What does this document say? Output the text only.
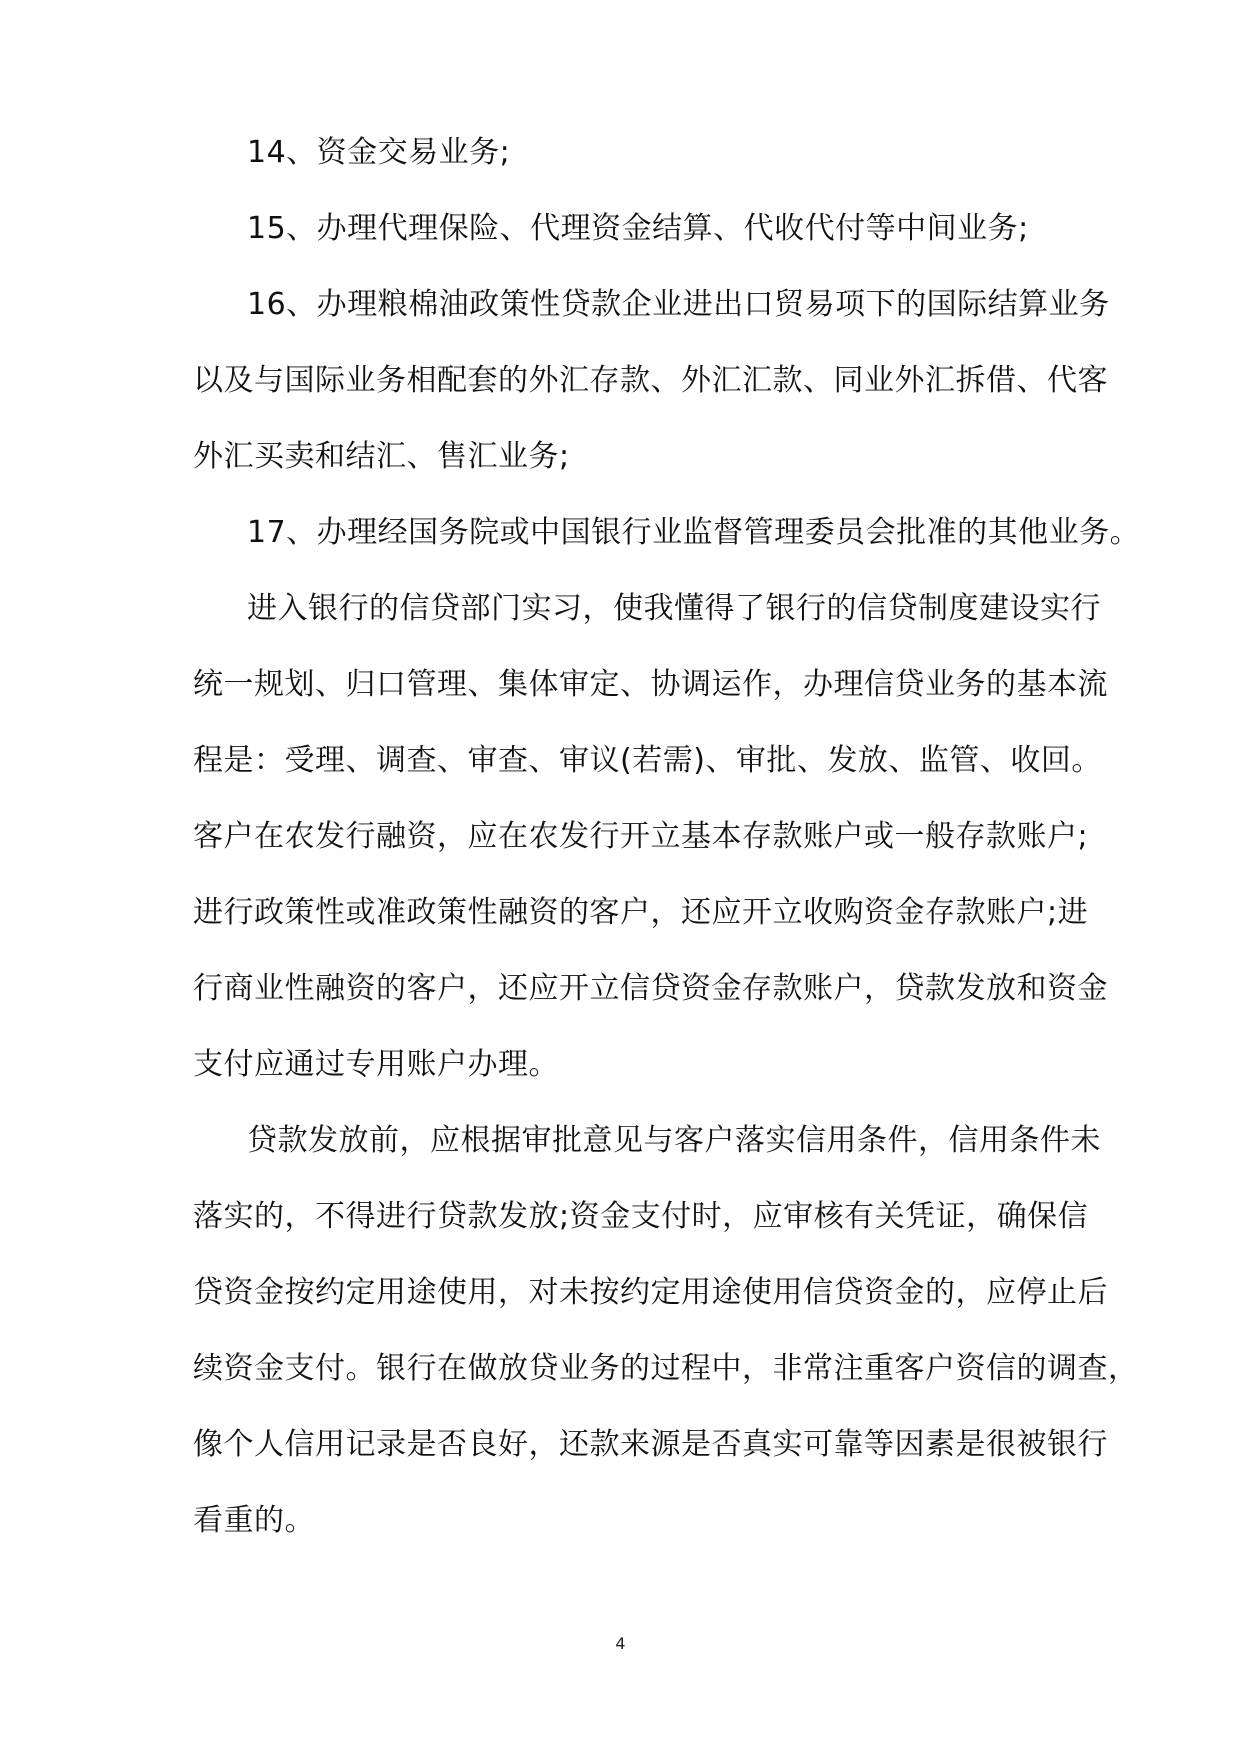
14、资金交易业务;
15、办理代理保险、代理资金结算、代收代付等中间业务;
16、办理粮棉油政策性贷款企业进出口贸易项下的国际结算业务
以及与国际业务相配套的外汇存款、外汇汇款、同业外汇拆借、代客
外汇买卖和结汇、售汇业务;
17、办理经国务院或中国银行业监督管理委员会批准的其他业务。
进入银行的信贷部门实习，使我懂得了银行的信贷制度建设实行
统一规划、归口管理、集体审定、协调运作，办理信贷业务的基本流
程是：受理、调查、审查、审议(若需)、审批、发放、监管、收回。
客户在农发行融资，应在农发行开立基本存款账户或一般存款账户;
进行政策性或准政策性融资的客户，还应开立收购资金存款账户;进
行商业性融资的客户，还应开立信贷资金存款账户，贷款发放和资金
支付应通过专用账户办理。
贷款发放前，应根据审批意见与客户落实信用条件，信用条件未
落实的，不得进行贷款发放;资金支付时，应审核有关凭证，确保信
贷资金按约定用途使用，对未按约定用途使用信贷资金的，应停止后
续资金支付。银行在做放贷业务的过程中，非常注重客户资信的调查，
像个人信用记录是否良好，还款来源是否真实可靠等因素是很被银行
看重的。
4
